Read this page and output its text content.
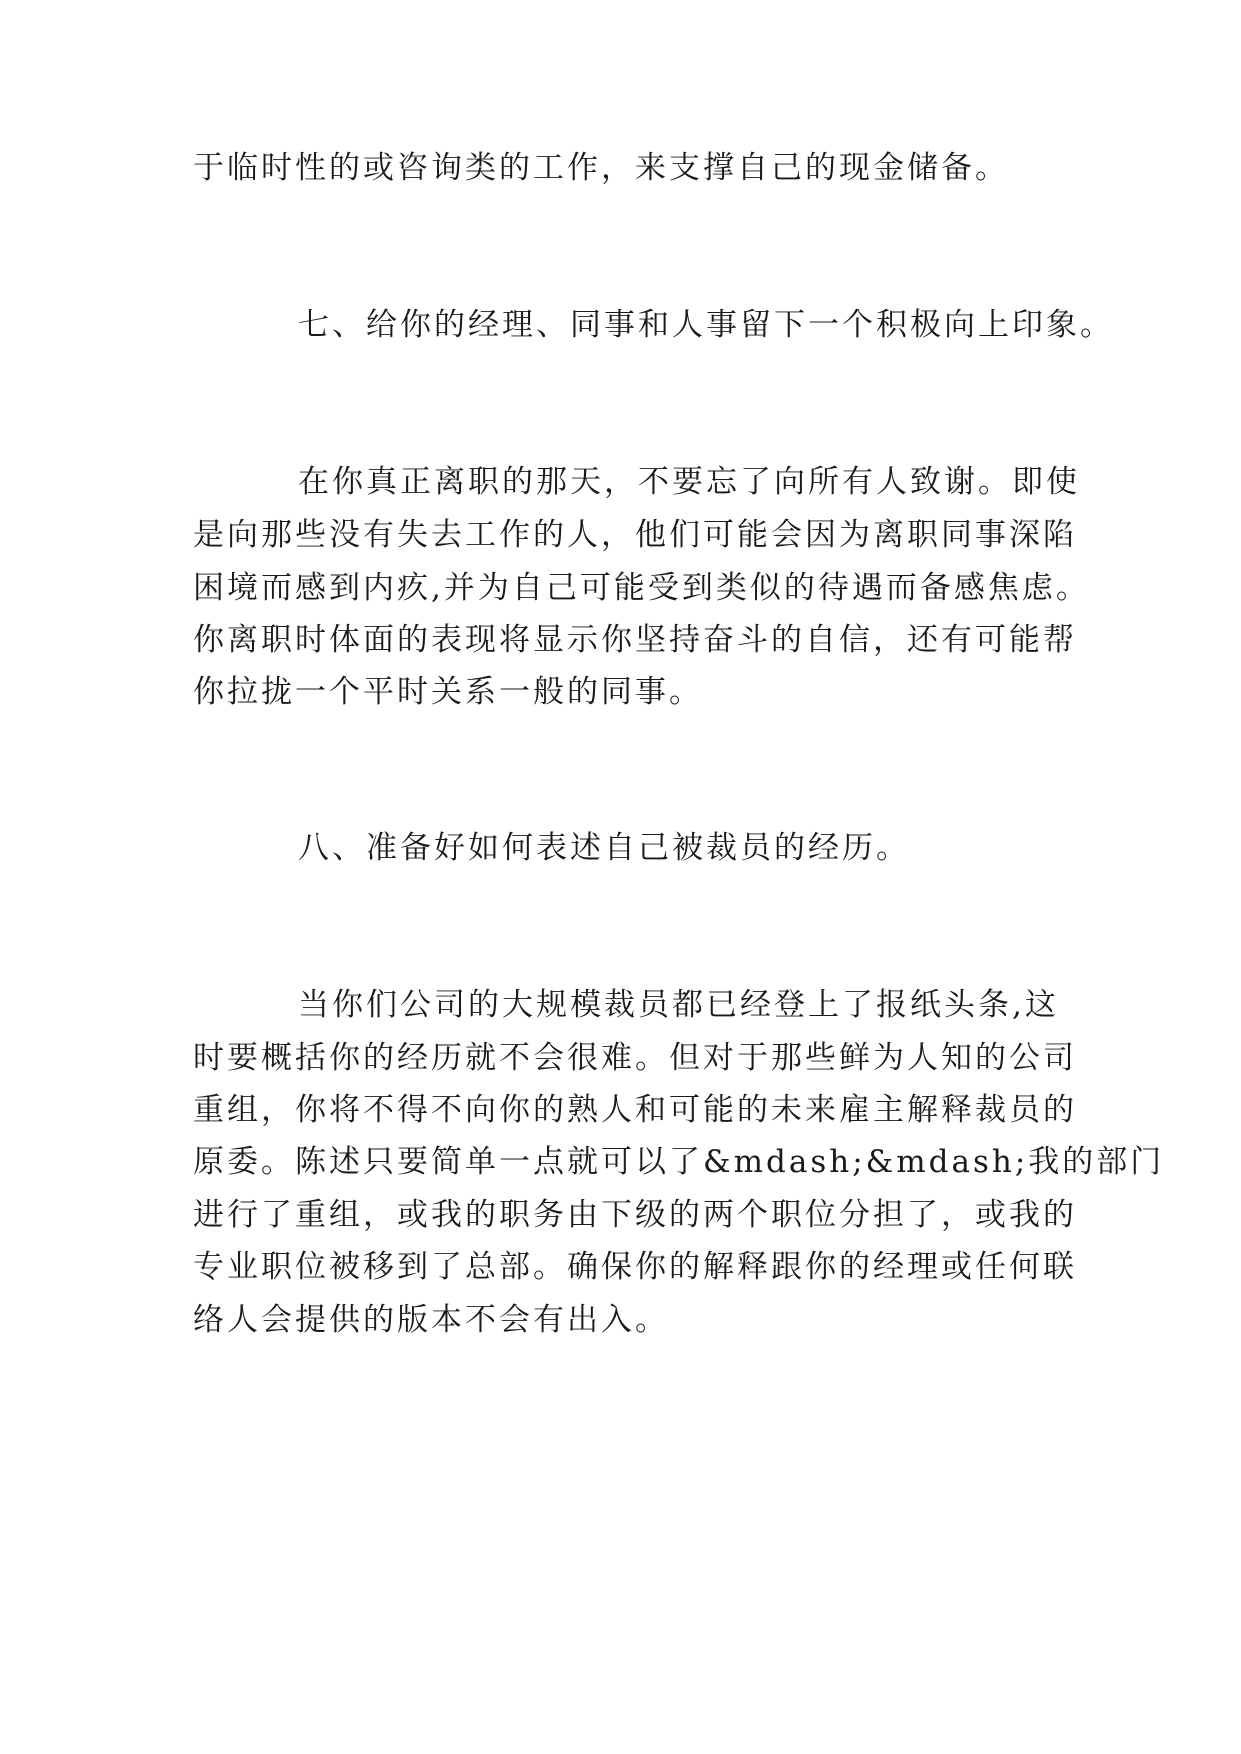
于临时性的或咨询类的工作，来支撑自己的现金储备。
七、给你的经理、同事和人事留下一个积极向上印象。
在你真正离职的那天，不要忘了向所有人致谢。即使
是向那些没有失去工作的人，他们可能会因为离职同事深陷
困境而感到内疚,并为自己可能受到类似的待遇而备感焦虑。
你离职时体面的表现将显示你坚持奋斗的自信，还有可能帮
你拉拢一个平时关系一般的同事。
八、准备好如何表述自己被裁员的经历。
当你们公司的大规模裁员都已经登上了报纸头条,这
时要概括你的经历就不会很难。但对于那些鲜为人知的公司
重组，你将不得不向你的熟人和可能的未来雇主解释裁员的
原委。陈述只要简单一点就可以了&mdash;&mdash;我的部门
进行了重组，或我的职务由下级的两个职位分担了，或我的
专业职位被移到了总部。确保你的解释跟你的经理或任何联
络人会提供的版本不会有出入。
